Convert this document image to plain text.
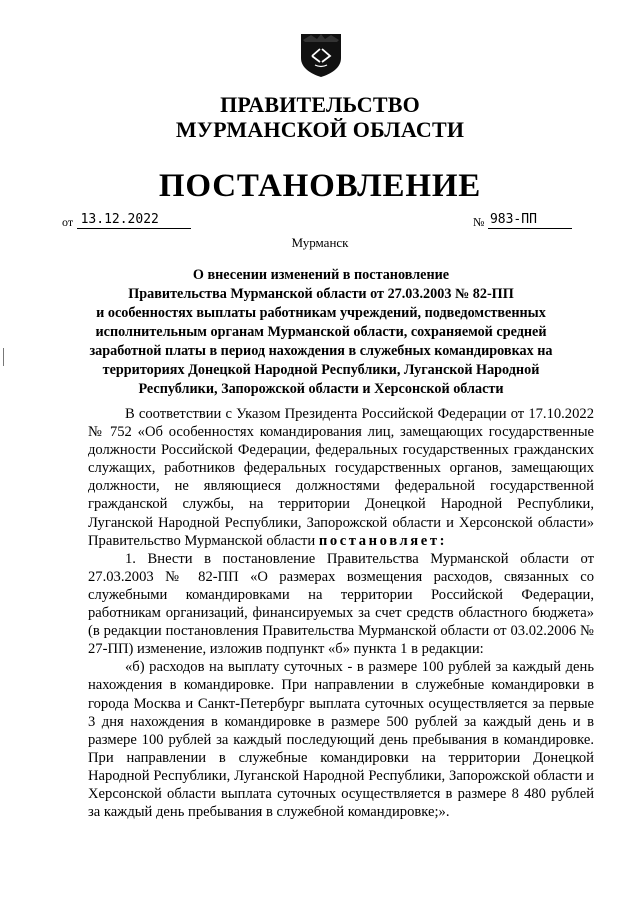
ПРАВИТЕЛЬСТВО
МУРМАНСКОЙ ОБЛАСТИ
ПОСТАНОВЛЕНИЕ
от 13.12.2022	№ 983-ПП
Мурманск
О внесении изменений в постановление
Правительства Мурманской области от 27.03.2003 № 82-ПП
и особенностях выплаты работникам учреждений, подведомственных
исполнительным органам Мурманской области, сохраняемой средней
заработной платы в период нахождения в служебных командировках на
территориях Донецкой Народной Республики, Луганской Народной
Республики, Запорожской области и Херсонской области

В соответствии с Указом Президента Российской Федерации от 17.10.2022 № 752 «Об особенностях командирования лиц, замещающих государственные должности Российской Федерации, федеральных государственных гражданских служащих, работников федеральных государственных органов, замещающих должности, не являющиеся должностями федеральной государственной гражданской службы, на территории Донецкой Народной Республики, Луганской Народной Республики, Запорожской области и Херсонской области» Правительство Мурманской области постановляет:

1. Внести в постановление Правительства Мурманской области от 27.03.2003 № 82-ПП «О размерах возмещения расходов, связанных со служебными командировками на территории Российской Федерации, работникам организаций, финансируемых за счет средств областного бюджета» (в редакции постановления Правительства Мурманской области от 03.02.2006 № 27-ПП) изменение, изложив подпункт «б» пункта 1 в редакции:

«б) расходов на выплату суточных - в размере 100 рублей за каждый день нахождения в командировке. При направлении в служебные командировки в города Москва и Санкт-Петербург выплата суточных осуществляется за первые 3 дня нахождения в командировке в размере 500 рублей за каждый день и в размере 100 рублей за каждый последующий день пребывания в командировке. При направлении в служебные командировки на территории Донецкой Народной Республики, Луганской Народной Республики, Запорожской области и Херсонской области выплата суточных осуществляется в размере 8 480 рублей за каждый день пребывания в служебной командировке;».
